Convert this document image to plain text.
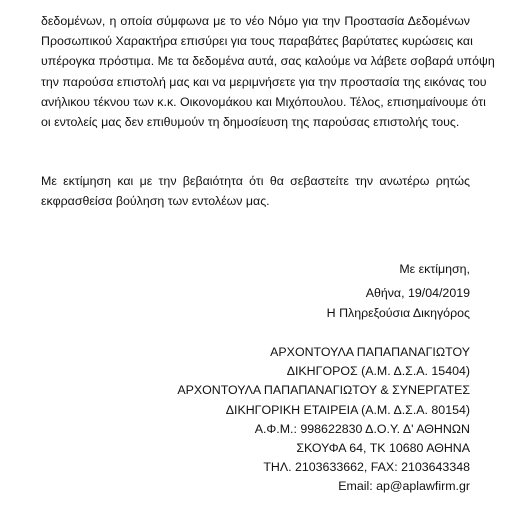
δεδομένων, η οποία σύμφωνα με το νέο Νόμο για την Προστασία Δεδομένων
Προσωπικού Χαρακτήρα επισύρει για τους παραβάτες βαρύτατες κυρώσεις και
υπέρογκα πρόστιμα. Με τα δεδομένα αυτά, σας καλούμε να λάβετε σοβαρά υπόψη
την παρούσα επιστολή μας και να μεριμνήσετε για την προστασία της εικόνας του
ανήλικου τέκνου των κ.κ. Οικονομάκου και Μιχόπουλου. Τέλος, επισημαίνουμε ότι
οι εντολείς μας δεν επιθυμούν τη δημοσίευση της παρούσας επιστολής τους.
Με εκτίμηση και με την βεβαιότητα ότι θα σεβαστείτε την ανωτέρω ρητώς
εκφρασθείσα βούληση των εντολέων μας.
Με εκτίμηση,
Αθήνα, 19/04/2019
Η Πληρεξούσια Δικηγόρος
ΑΡΧΟΝΤΟΥΛΑ ΠΑΠΑΠΑΝΑΓΙΩΤΟΥ
ΔΙΚΗΓΟΡΟΣ (Α.Μ. Δ.Σ.Α. 15404)
ΑΡΧΟΝΤΟΥΛΑ ΠΑΠΑΠΑΝΑΓΙΩΤΟΥ & ΣΥΝΕΡΓΑΤΕΣ
ΔΙΚΗΓΟΡΙΚΗ ΕΤΑΙΡΕΙΑ (Α.Μ. Δ.Σ.Α. 80154)
Α.Φ.Μ.: 998622830 Δ.Ο.Υ. Δ' ΑΘΗΝΩΝ
ΣΚΟΥΦΑ 64, ΤΚ 10680 ΑΘΗΝΑ
ΤΗΛ. 2103633662, FAX: 2103643348
Email: ap@aplawfirm.gr
